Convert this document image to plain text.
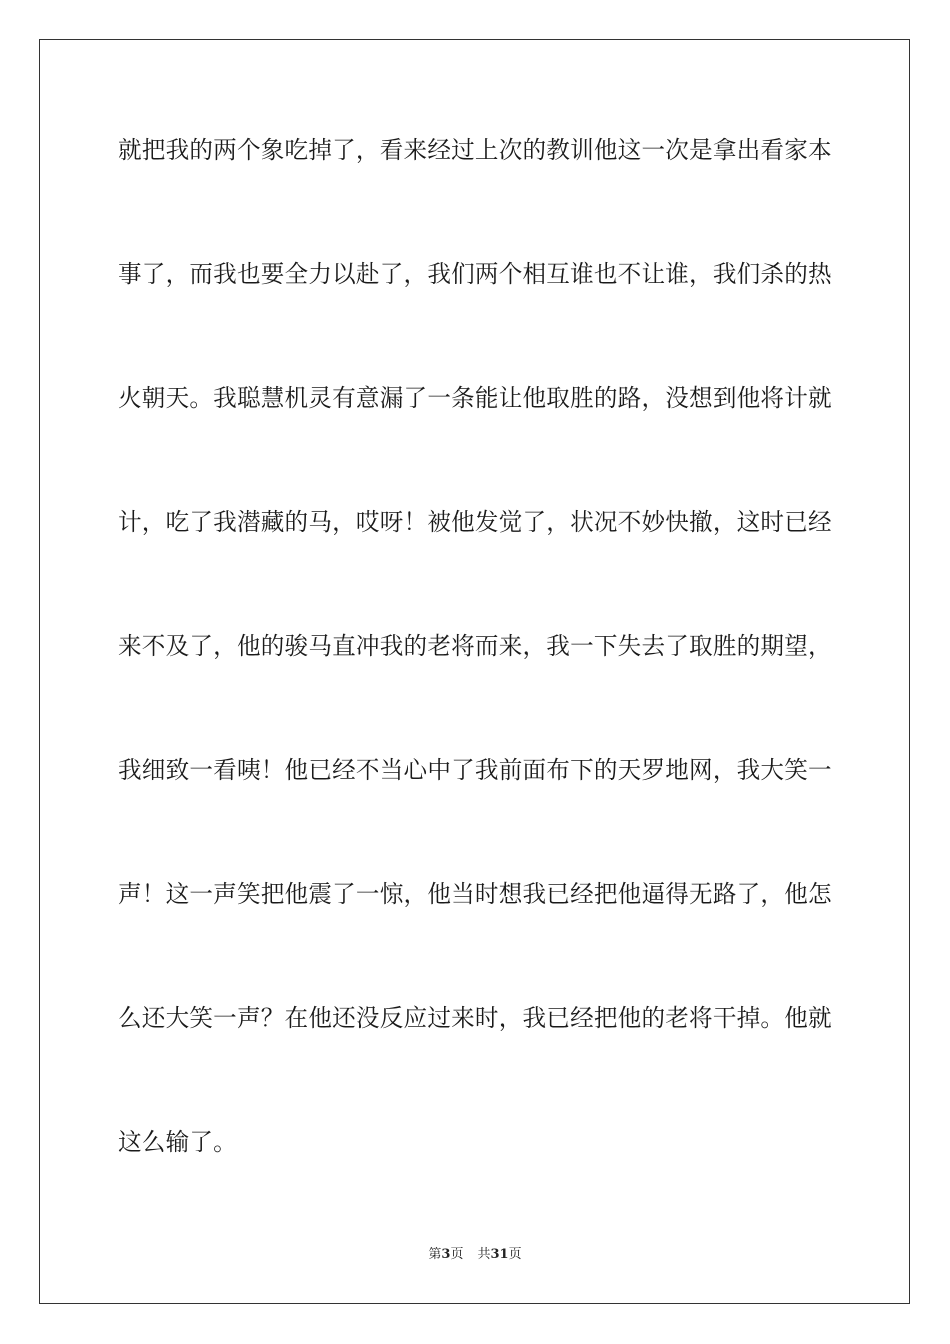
就把我的两个象吃掉了，看来经过上次的教训他这一次是拿出看家本
事了，而我也要全力以赴了，我们两个相互谁也不让谁，我们杀的热
火朝天。我聪慧机灵有意漏了一条能让他取胜的路，没想到他将计就
计，吃了我潜藏的马，哎呀！被他发觉了，状况不妙快撤，这时已经
来不及了，他的骏马直冲我的老将而来，我一下失去了取胜的期望，
我细致一看咦！他已经不当心中了我前面布下的天罗地网，我大笑一
声！这一声笑把他震了一惊，他当时想我已经把他逼得无路了，他怎
么还大笑一声？在他还没反应过来时，我已经把他的老将干掉。他就
这么输了。
第3页 共31页
